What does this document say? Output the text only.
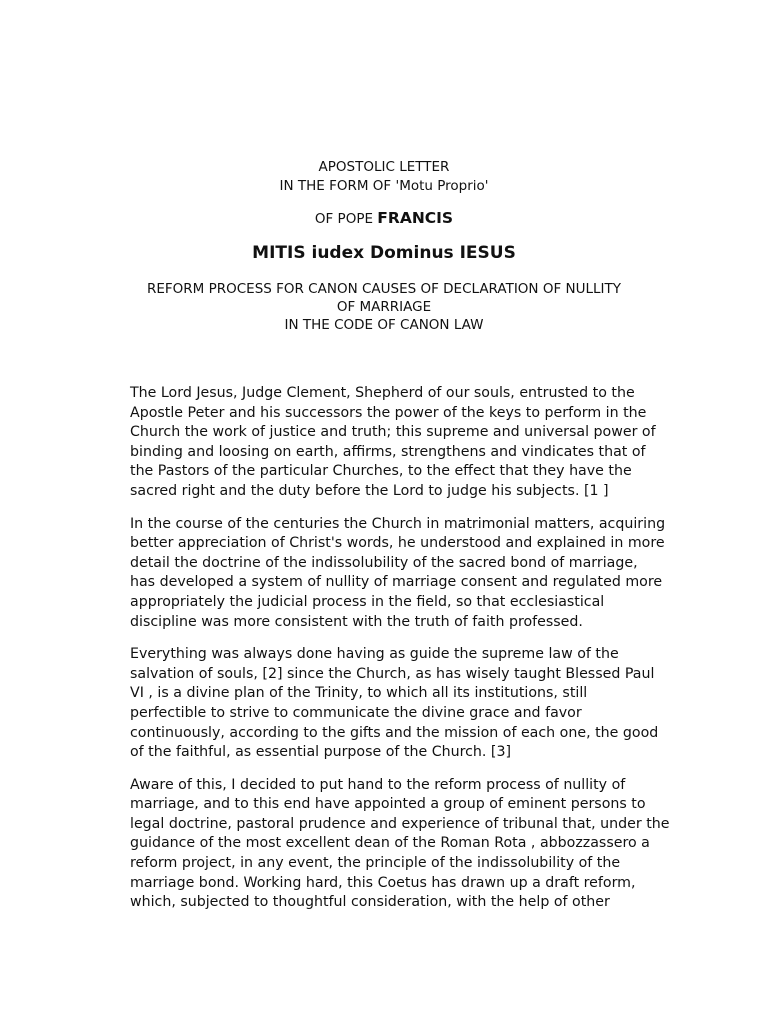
APOSTOLIC LETTER

IN THE FORM OF 'Motu Proprio'

OF POPE FRANCIS
MITIS iudex Dominus IESUS
REFORM PROCESS FOR CANON CAUSES OF DECLARATION OF NULLITY
OF MARRIAGE
IN THE CODE OF CANON LAW

The Lord Jesus, Judge Clement, Shepherd of our souls, entrusted to the
Apostle Peter and his successors the power of the keys to perform in the
Church the work of justice and truth; this supreme and universal power of
binding and loosing on earth, affirms, strengthens and vindicates that of
the Pastors of the particular Churches, to the effect that they have the
sacred right and the duty before the Lord to judge his subjects. [1 ]

In the course of the centuries the Church in matrimonial matters, acquiring
better appreciation of Christ's words, he understood and explained in more
detail the doctrine of the indissolubility of the sacred bond of marriage,
has developed a system of nullity of marriage consent and regulated more
appropriately the judicial process in the field, so that ecclesiastical
discipline was more consistent with the truth of faith professed.

Everything was always done having as guide the supreme law of the
salvation of souls, [2] since the Church, as has wisely taught Blessed Paul
VI , is a divine plan of the Trinity, to which all its institutions, still
perfectible to strive to communicate the divine grace and favor
continuously, according to the gifts and the mission of each one, the good
of the faithful, as essential purpose of the Church. [3]

Aware of this, I decided to put hand to the reform process of nullity of
marriage, and to this end have appointed a group of eminent persons to
legal doctrine, pastoral prudence and experience of tribunal that, under the
guidance of the most excellent dean of the Roman Rota , abbozzassero a
reform project, in any event, the principle of the indissolubility of the
marriage bond. Working hard, this Coetus has drawn up a draft reform,
which, subjected to thoughtful consideration, with the help of other
